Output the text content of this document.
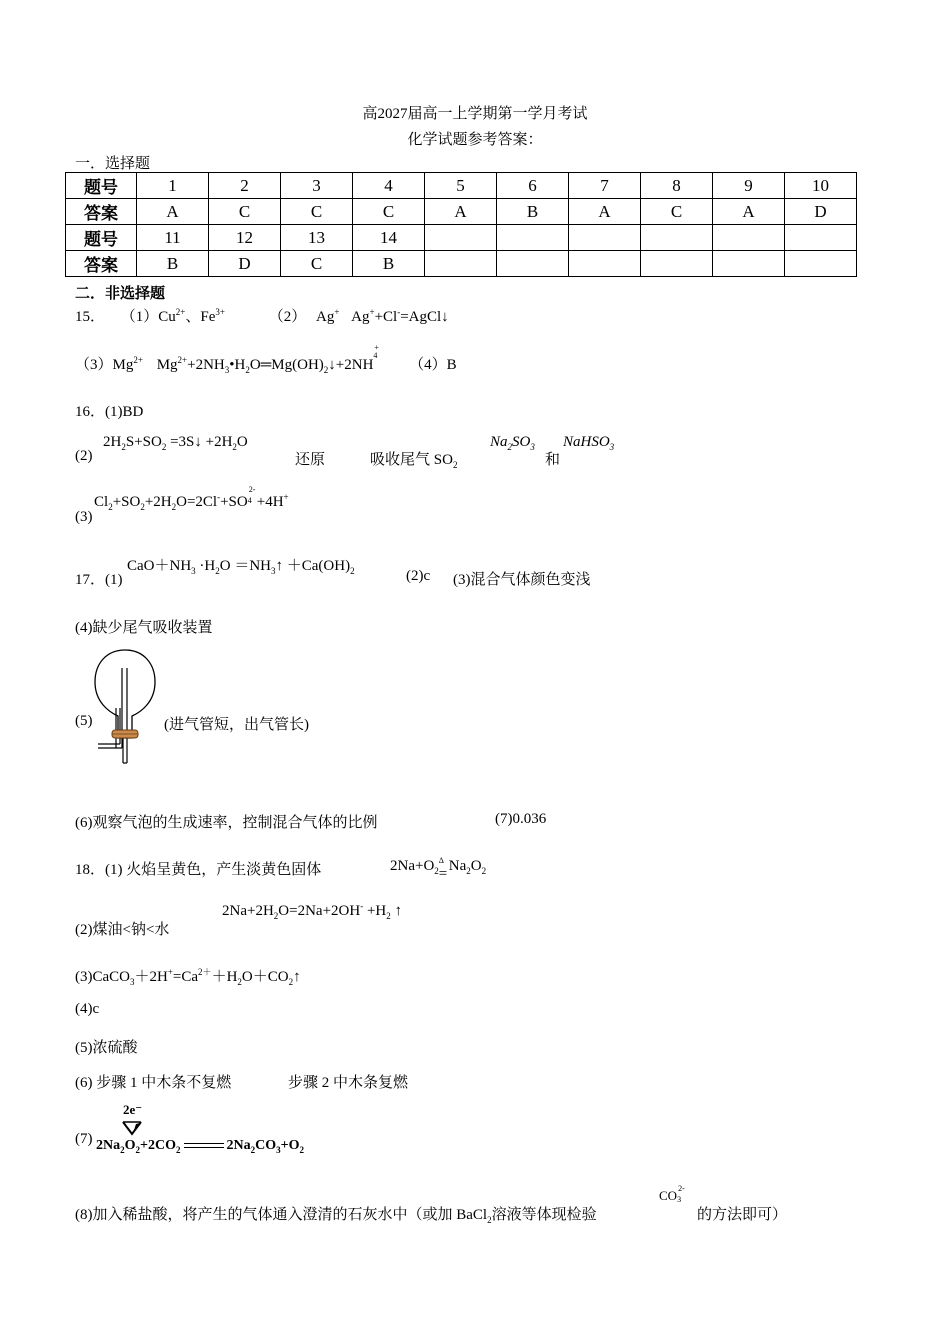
高2027届高一上学期第一学月考试
化学试题参考答案：
一．选择题
题号	1	2	3	4	5	6	7	8	9	10
答案	A	C	C	C	A	B	A	C	A	D
题号	11	12	13	14						
答案	B	D	C	B						
二．非选择题
15． $(1)Cu^{2+}$、$Fe^{3+}$	（2） Ag+ Ag++Cl-=AgCl↓
$(3)Mg^{2+}$ $Mg^{2+}+2NH_3•H_2O═Mg(OH)_2↓+2NH$
+
4
（4）B
16．(1)BD
(2)
$2H_2S+SO_2$ =3S↓ $+2H_2O$
还原	吸收尾气 $SO_2$
$Na_2SO_3$
和
NaHSO$_3$
(3)
$Cl_2+SO_2+2H_2O=2Cl^-+SO$
2-
4 +4H+
17．(1)
$CaO+NH_3 \cdot H_2O$ $=NH_3↑ +Ca(OH)_2$	(2)c (3)混合气体颜色变浅
(4)缺少尾气吸收装置
(5)	(进气管短，出气管长)
(6)观察气泡的生成速率，控制混合气体的比例	(7)0.036
18．(1) 火焰呈黄色，产生淡黄色固体	$2Na+O_2$
Δ
= $Na_2O_2$
(2)煤油<钠<水
$2Na+2H_2O=2Na+2OH^- +H_2$ ↑
$(3)CaCO_3+2H^+=Ca^{2+}+H_2O+CO_2↑$
(4)c
(5)浓硫酸
(6) 步骤 1 中木条不复燃	步骤 2 中木条复燃
(7)
2e⁻
$2Na_2O_2+2CO_2$	$2Na_2CO_3+O_2$
(8)加入稀盐酸，将产生的气体通入澄清的石灰水中（或加 BaCl$_2$溶液等体现检验
CO 2-
3
的方法即可）
